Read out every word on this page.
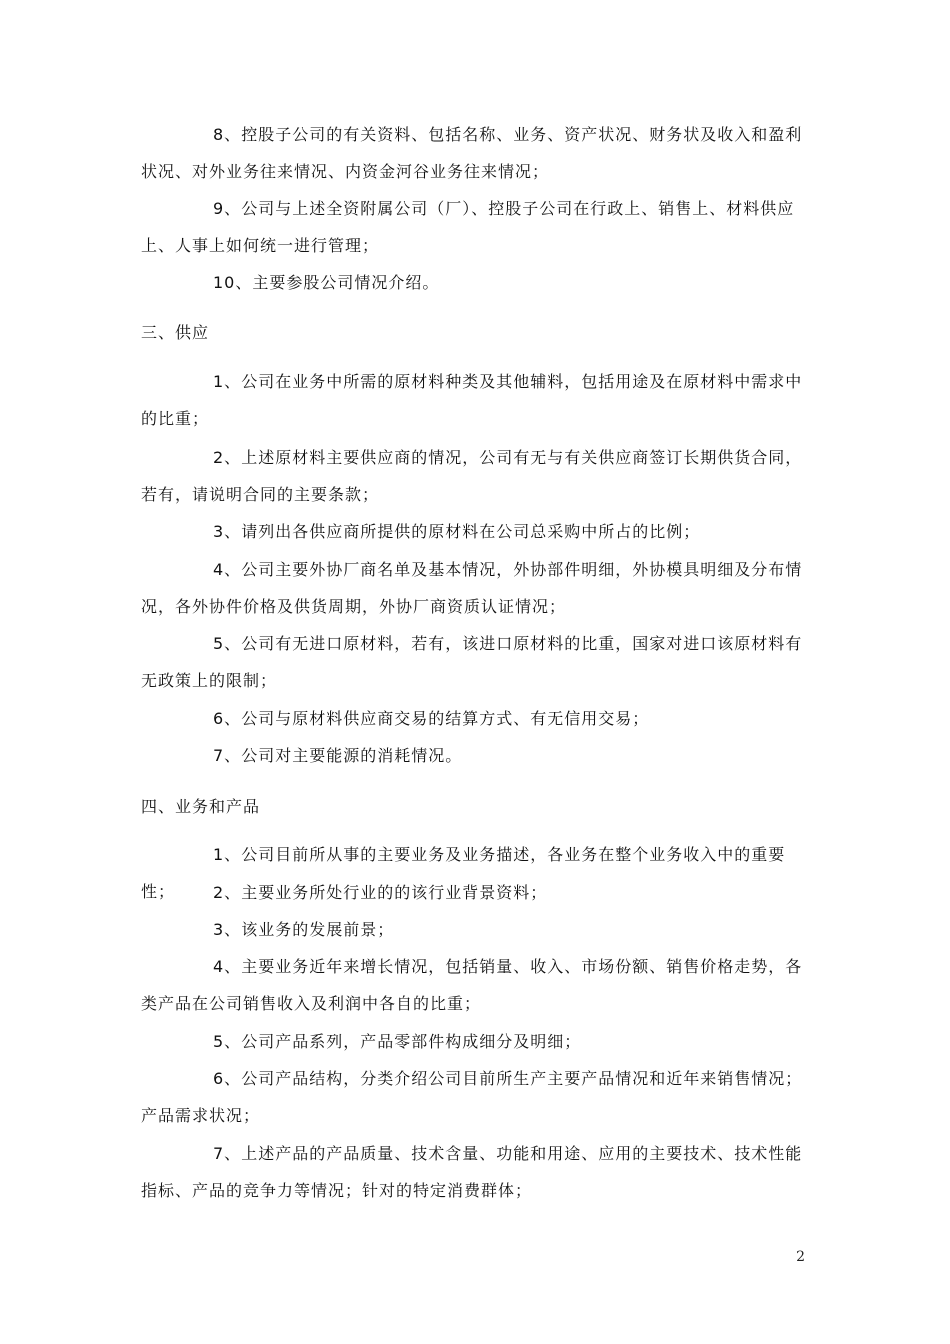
8、控股子公司的有关资料、包括名称、业务、资产状况、财务状及收入和盈利状况、对外业务往来情况、内资金河谷业务往来情况；

9、公司与上述全资附属公司（厂）、控股子公司在行政上、销售上、材料供应上、人事上如何统一进行管理；

10、主要参股公司情况介绍。

三、供应

1、公司在业务中所需的原材料种类及其他辅料，包括用途及在原材料中需求中的比重；

2、上述原材料主要供应商的情况，公司有无与有关供应商签订长期供货合同，若有，请说明合同的主要条款；

3、请列出各供应商所提供的原材料在公司总采购中所占的比例；

4、公司主要外协厂商名单及基本情况，外协部件明细，外协模具明细及分布情况，各外协件价格及供货周期，外协厂商资质认证情况；

5、公司有无进口原材料，若有，该进口原材料的比重，国家对进口该原材料有无政策上的限制；

6、公司与原材料供应商交易的结算方式、有无信用交易；

7、公司对主要能源的消耗情况。

四、业务和产品

1、公司目前所从事的主要业务及业务描述，各业务在整个业务收入中的重要性；	2、主要业务所处行业的的该行业背景资料；

3、该业务的发展前景；

4、主要业务近年来增长情况，包括销量、收入、市场份额、销售价格走势，各类产品在公司销售收入及利润中各自的比重；

5、公司产品系列，产品零部件构成细分及明细；

6、公司产品结构，分类介绍公司目前所生产主要产品情况和近年来销售情况；产品需求状况；

7、上述产品的产品质量、技术含量、功能和用途、应用的主要技术、技术性能指标、产品的竞争力等情况；针对的特定消费群体；

2
